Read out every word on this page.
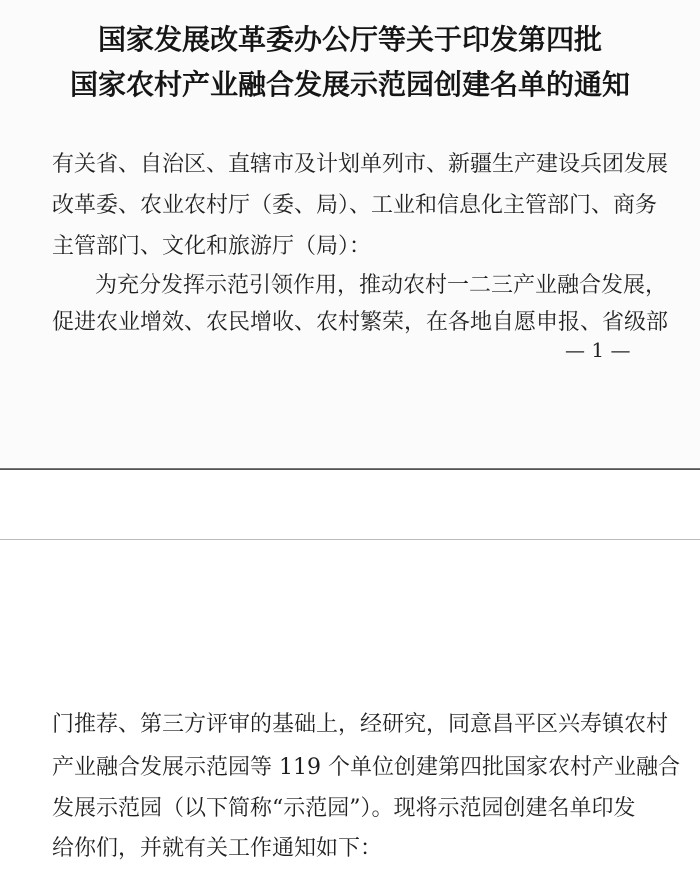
国家发展改革委办公厅等关于印发第四批
国家农村产业融合发展示范园创建名单的通知
有关省、自治区、直辖市及计划单列市、新疆生产建设兵团发展
改革委、农业农村厅（委、局）、工业和信息化主管部门、商务
主管部门、文化和旅游厅（局）：
为充分发挥示范引领作用，推动农村一二三产业融合发展，
促进农业增效、农民增收、农村繁荣，在各地自愿申报、省级部
— 1 —
门推荐、第三方评审的基础上，经研究，同意昌平区兴寿镇农村
产业融合发展示范园等 119 个单位创建第四批国家农村产业融合
发展示范园（以下简称“示范园”）。现将示范园创建名单印发
给你们，并就有关工作通知如下：
